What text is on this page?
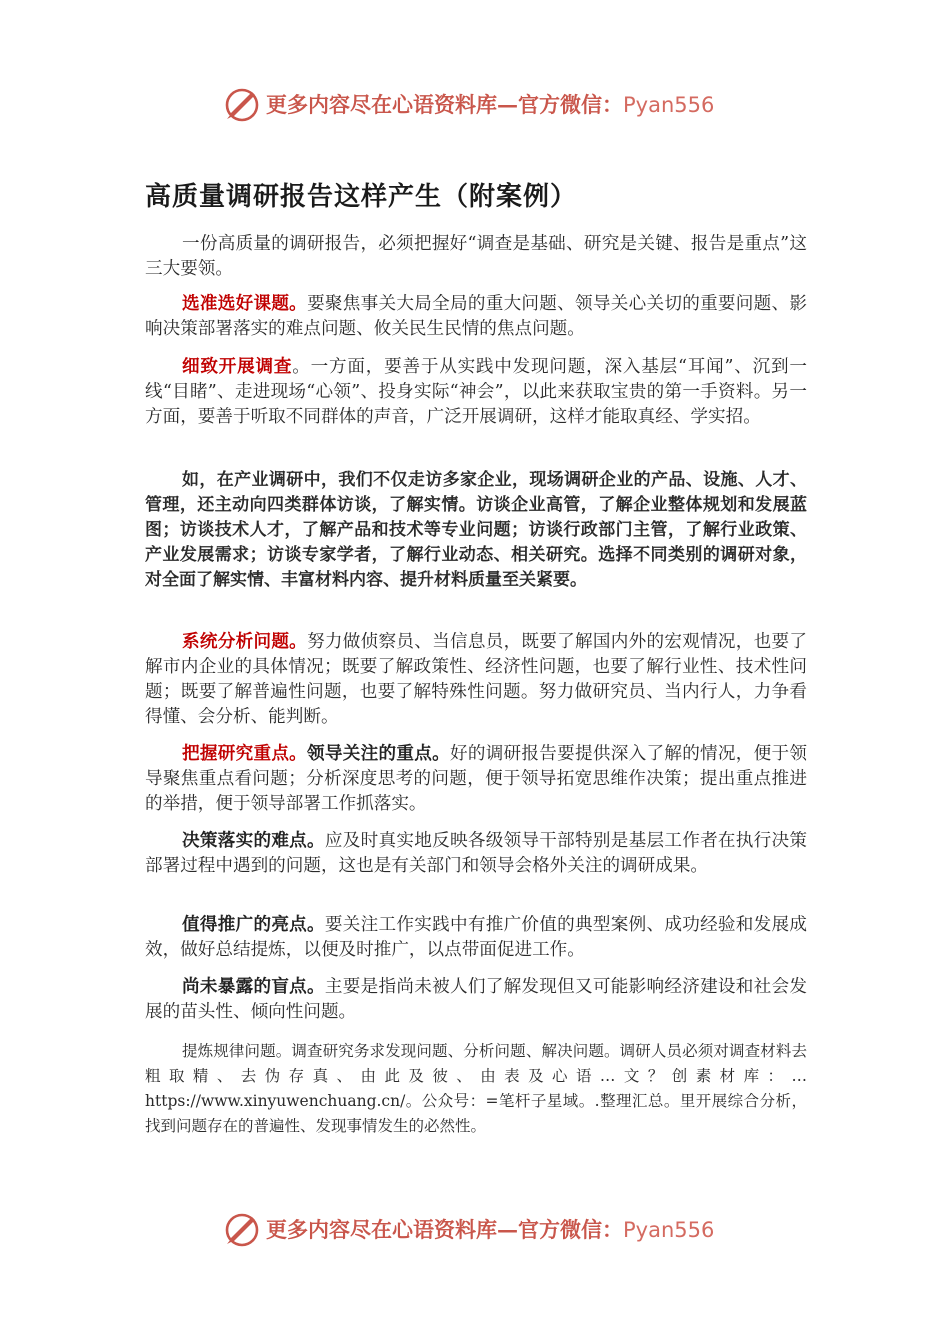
更多内容尽在心语资料库—官方微信：Pyan556
高质量调研报告这样产生（附案例）

一份高质量的调研报告，必须把握好“调查是基础、研究是关键、报告是重点”这三大要领。

选准选好课题。要聚焦事关大局全局的重大问题、领导关心关切的重要问题、影响决策部署落实的难点问题、攸关民生民情的焦点问题。

细致开展调查。一方面，要善于从实践中发现问题，深入基层“耳闻”、沉到一线“目睹”、走进现场“心领”、投身实际“神会”，以此来获取宝贵的第一手资料。另一方面，要善于听取不同群体的声音，广泛开展调研，这样才能取真经、学实招。

如，在产业调研中，我们不仅走访多家企业，现场调研企业的产品、设施、人才、管理，还主动向四类群体访谈，了解实情。访谈企业高管，了解企业整体规划和发展蓝图；访谈技术人才，了解产品和技术等专业问题；访谈行政部门主管，了解行业政策、产业发展需求；访谈专家学者，了解行业动态、相关研究。选择不同类别的调研对象，对全面了解实情、丰富材料内容、提升材料质量至关紧要。

系统分析问题。努力做侦察员、当信息员，既要了解国内外的宏观情况，也要了解市内企业的具体情况；既要了解政策性、经济性问题，也要了解行业性、技术性问题；既要了解普遍性问题，也要了解特殊性问题。努力做研究员、当内行人，力争看得懂、会分析、能判断。

把握研究重点。领导关注的重点。好的调研报告要提供深入了解的情况，便于领导聚焦重点看问题；分析深度思考的问题，便于领导拓宽思维作决策；提出重点推进的举措，便于领导部署工作抓落实。

决策落实的难点。应及时真实地反映各级领导干部特别是基层工作者在执行决策部署过程中遇到的问题，这也是有关部门和领导会格外关注的调研成果。

值得推广的亮点。要关注工作实践中有推广价值的典型案例、成功经验和发展成效，做好总结提炼，以便及时推广，以点带面促进工作。

尚未暴露的盲点。主要是指尚未被人们了解发现但又可能影响经济建设和社会发展的苗头性、倾向性问题。

提炼规律问题。调查研究务求发现问题、分析问题、解决问题。调研人员必须对调查材料去粗取精、去伪存真、由此及彼、由表及心语…文？创素材库：…https://www.xinyuwenchuang.cn/。公众号：=笔杆子星域。.整理汇总。里开展综合分析，找到问题存在的普遍性、发现事情发生的必然性。

更多内容尽在心语资料库—官方微信：Pyan556
